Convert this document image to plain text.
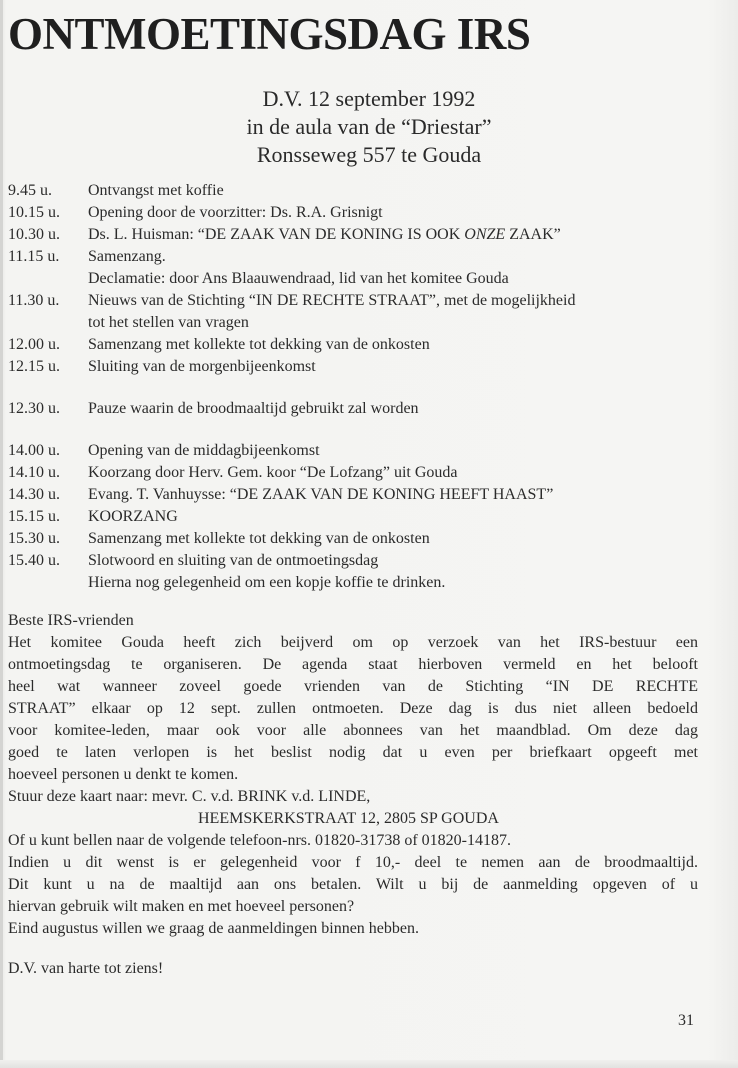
ONTMOETINGSDAG IRS
D.V. 12 september 1992
in de aula van de “Driestar”
Ronsseweg 557 te Gouda
9.45 u. Ontvangst met koffie
10.15 u. Opening door de voorzitter: Ds. R.A. Grisnigt
10.30 u. Ds. L. Huisman: “DE ZAAK VAN DE KONING IS OOK ONZE ZAAK”
11.15 u. Samenzang.
Declamatie: door Ans Blaauwendraad, lid van het komitee Gouda
11.30 u. Nieuws van de Stichting “IN DE RECHTE STRAAT”, met de mogelijkheid
tot het stellen van vragen
12.00 u. Samenzang met kollekte tot dekking van de onkosten
12.15 u. Sluiting van de morgenbijeenkomst
12.30 u. Pauze waarin de broodmaaltijd gebruikt zal worden
14.00 u. Opening van de middagbijeenkomst
14.10 u. Koorzang door Herv. Gem. koor “De Lofzang” uit Gouda
14.30 u. Evang. T. Vanhuysse: “DE ZAAK VAN DE KONING HEEFT HAAST”
15.15 u. KOORZANG
15.30 u. Samenzang met kollekte tot dekking van de onkosten
15.40 u. Slotwoord en sluiting van de ontmoetingsdag
Hierna nog gelegenheid om een kopje koffie te drinken.
Beste IRS-vrienden
Het komitee Gouda heeft zich beijverd om op verzoek van het IRS-bestuur een
ontmoetingsdag te organiseren. De agenda staat hierboven vermeld en het belooft
heel wat wanneer zoveel goede vrienden van de Stichting “IN DE RECHTE
STRAAT” elkaar op 12 sept. zullen ontmoeten. Deze dag is dus niet alleen bedoeld
voor komitee-leden, maar ook voor alle abonnees van het maandblad. Om deze dag
goed te laten verlopen is het beslist nodig dat u even per briefkaart opgeeft met
hoeveel personen u denkt te komen.
Stuur deze kaart naar: mevr. C. v.d. BRINK v.d. LINDE,
HEEMSKERKSTRAAT 12, 2805 SP GOUDA
Of u kunt bellen naar de volgende telefoon-nrs. 01820-31738 of 01820-14187.
Indien u dit wenst is er gelegenheid voor f 10,- deel te nemen aan de broodmaaltijd.
Dit kunt u na de maaltijd aan ons betalen. Wilt u bij de aanmelding opgeven of u
hiervan gebruik wilt maken en met hoeveel personen?
Eind augustus willen we graag de aanmeldingen binnen hebben.
D.V. van harte tot ziens!
31
